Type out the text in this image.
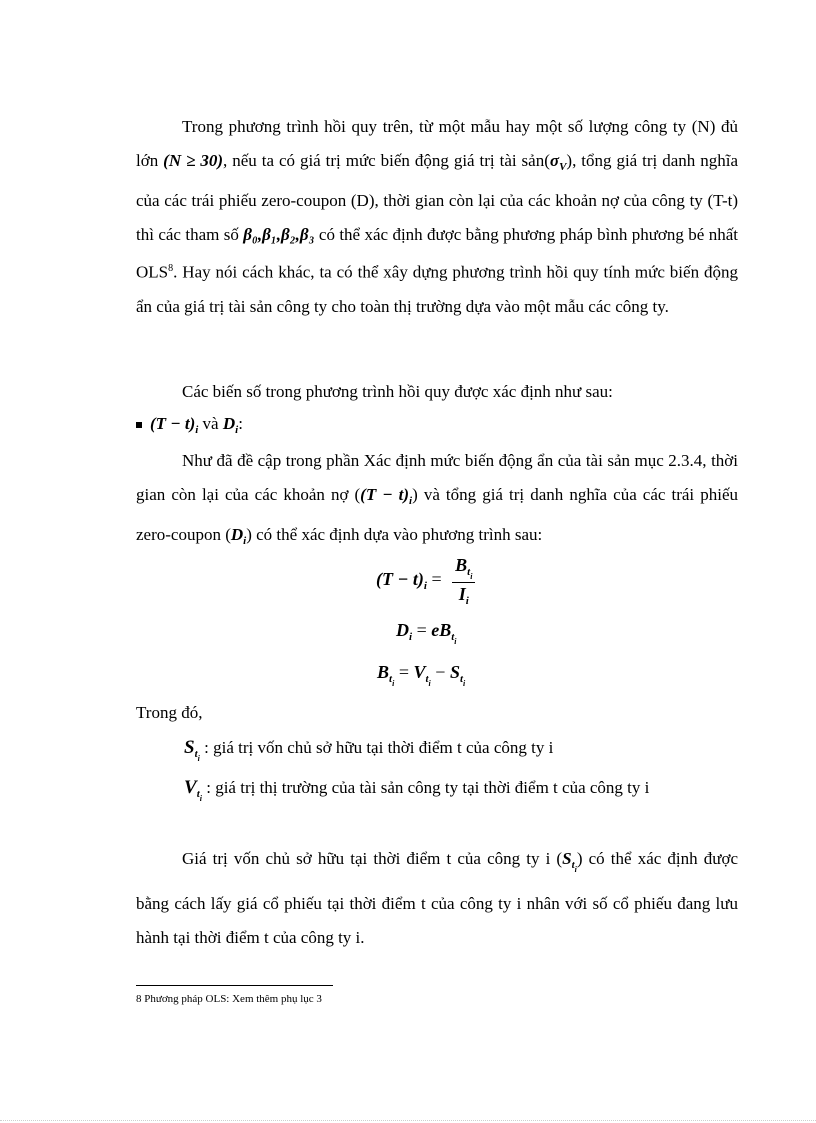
Trong phương trình hồi quy trên, từ một mẫu hay một số lượng công ty (N) đủ lớn (N ≥ 30), nếu ta có giá trị mức biến động giá trị tài $sản(\sigma_V)$, tổng giá trị danh nghĩa của các trái phiếu zero-coupon (D), thời gian còn lại của các khoản nợ của công ty (T-t) thì các tham số β₀,β₁,β₂,β₃ có thể xác định được bằng phương pháp bình phương bé nhất OLS$^8$. Hay nói cách khác, ta có thể xây dựng phương trình hồi quy tính mức biến động ẩn của giá trị tài sản công ty cho toàn thị trường dựa vào một mẫu các công ty.
Các biến số trong phương trình hồi quy được xác định như sau:
$(T - t)_i$ và $D_i$:
Như đã đề cập trong phần Xác định mức biến động ẩn của tài sản mục 2.3.4, thời gian còn lại của các khoản nợ $((T - t)_i)$ và tổng giá trị danh nghĩa của các trái phiếu zero-coupon $(D_i)$ có thể xác định dựa vào phương trình sau:
$(T - t)_i = \frac{B_{t_i}}{I_i}$
$D_i = eB_{t_i}$
$B_{t_i} = V_{t_i} - S_{t_i}$
Trong đó,
$S_{t_i}$ : giá trị vốn chủ sở hữu tại thời điểm t của công ty i
$V_{t_i}$ : giá trị thị trường của tài sản công ty tại thời điểm t của công ty i
Giá trị vốn chủ sở hữu tại thời điểm t của công ty i $(S_{t_i})$ có thể xác định được bằng cách lấy giá cổ phiếu tại thời điểm t của công ty i nhân với số cổ phiếu đang lưu hành tại thời điểm t của công ty i.
8 Phương pháp OLS: Xem thêm phụ lục 3
